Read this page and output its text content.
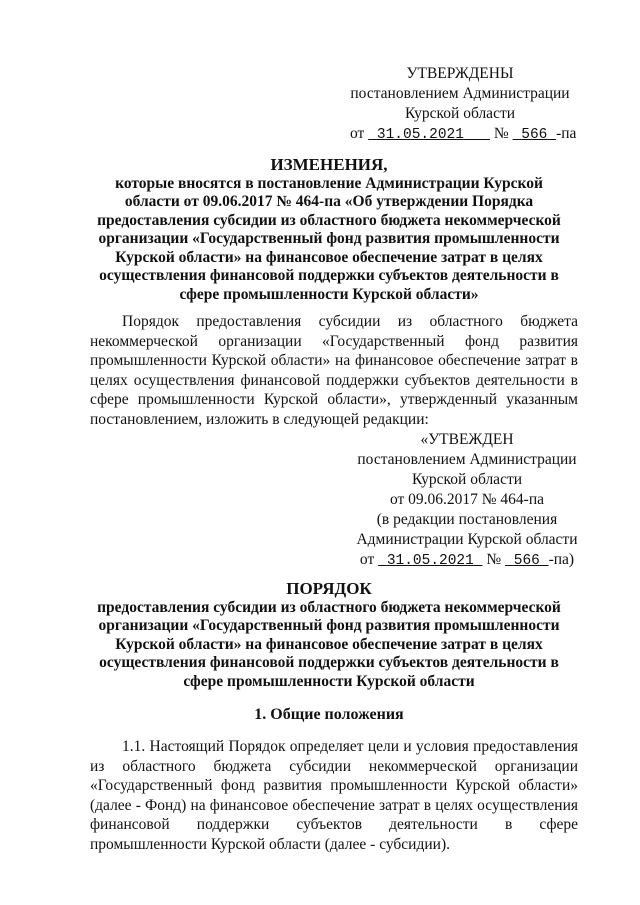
УТВЕРЖДЕНЫ
постановлением Администрации
Курской области
от 31.05.2021 № 566 -па
ИЗМЕНЕНИЯ,
которые вносятся в постановление Администрации Курской области от 09.06.2017 № 464-па «Об утверждении Порядка предоставления субсидии из областного бюджета некоммерческой организации «Государственный фонд развития промышленности Курской области» на финансовое обеспечение затрат в целях осуществления финансовой поддержки субъектов деятельности в сфере промышленности Курской области»
Порядок предоставления субсидии из областного бюджета некоммерческой организации «Государственный фонд развития промышленности Курской области» на финансовое обеспечение затрат в целях осуществления финансовой поддержки субъектов деятельности в сфере промышленности Курской области», утвержденный указанным постановлением, изложить в следующей редакции:
«УТВЕЖДЕН
постановлением Администрации
Курской области
от 09.06.2017 № 464-па
(в редакции постановления
Администрации Курской области
от 31.05.2021 № 566 -па)
ПОРЯДОК
предоставления субсидии из областного бюджета некоммерческой организации «Государственный фонд развития промышленности Курской области» на финансовое обеспечение затрат в целях осуществления финансовой поддержки субъектов деятельности в сфере промышленности Курской области
1. Общие положения
1.1. Настоящий Порядок определяет цели и условия предоставления из областного бюджета субсидии некоммерческой организации «Государственный фонд развития промышленности Курской области» (далее - Фонд) на финансовое обеспечение затрат в целях осуществления финансовой поддержки субъектов деятельности в сфере промышленности Курской области (далее - субсидии).
